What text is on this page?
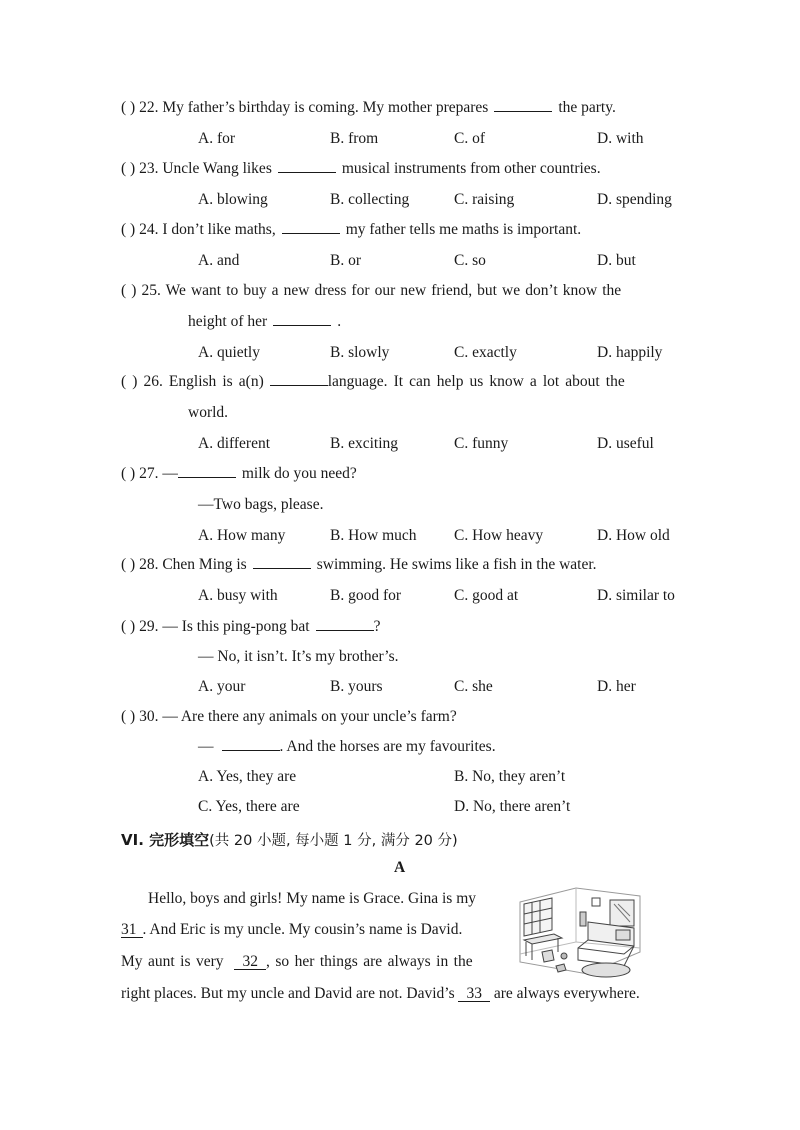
( ) 22. My father’s birthday is coming. My mother prepares	the party.
A. for	B. from	C. of	D. with
( ) 23. Uncle Wang likes	musical instruments from other countries.
A. blowing	B. collecting	C. raising	D. spending
( ) 24. I don’t like maths,	my father tells me maths is important.
A. and	B. or	C. so	D. but
( ) 25. We want to buy a new dress for our new friend, but we don’t know the
height of her	.
A. quietly	B. slowly	C. exactly	D. happily
( ) 26. English is a(n)	language. It can help us know a lot about the
world.
A. different	B. exciting	C. funny	D. useful
( ) 27. —	milk do you need?
—Two bags, please.
A. How many	B. How much C. How heavy	D. How old
( ) 28. Chen Ming is	swimming. He swims like a fish in the water.
A. busy with	B. good for	C. good at	D. similar to
( ) 29. — Is this ping-pong bat	?
— No, it isn’t. It’s my brother’s.
A. your	B. yours	C. she	D. her
( ) 30. — Are there any animals on your uncle’s farm?
—	. And the horses are my favourites.
A. Yes, they are	B. No, they aren’t
C. Yes, there are	D. No, there aren’t
VI. 完形填空(共 20 小题, 每小题 1 分, 满分 20 分)
A
Hello, boys and girls! My name is Grace. Gina is my
31 . And Eric is my uncle. My cousin’s name is David.
My aunt is very 32 , so her things are always in the
right places. But my uncle and David are not. David’s 33 are always everywhere.
